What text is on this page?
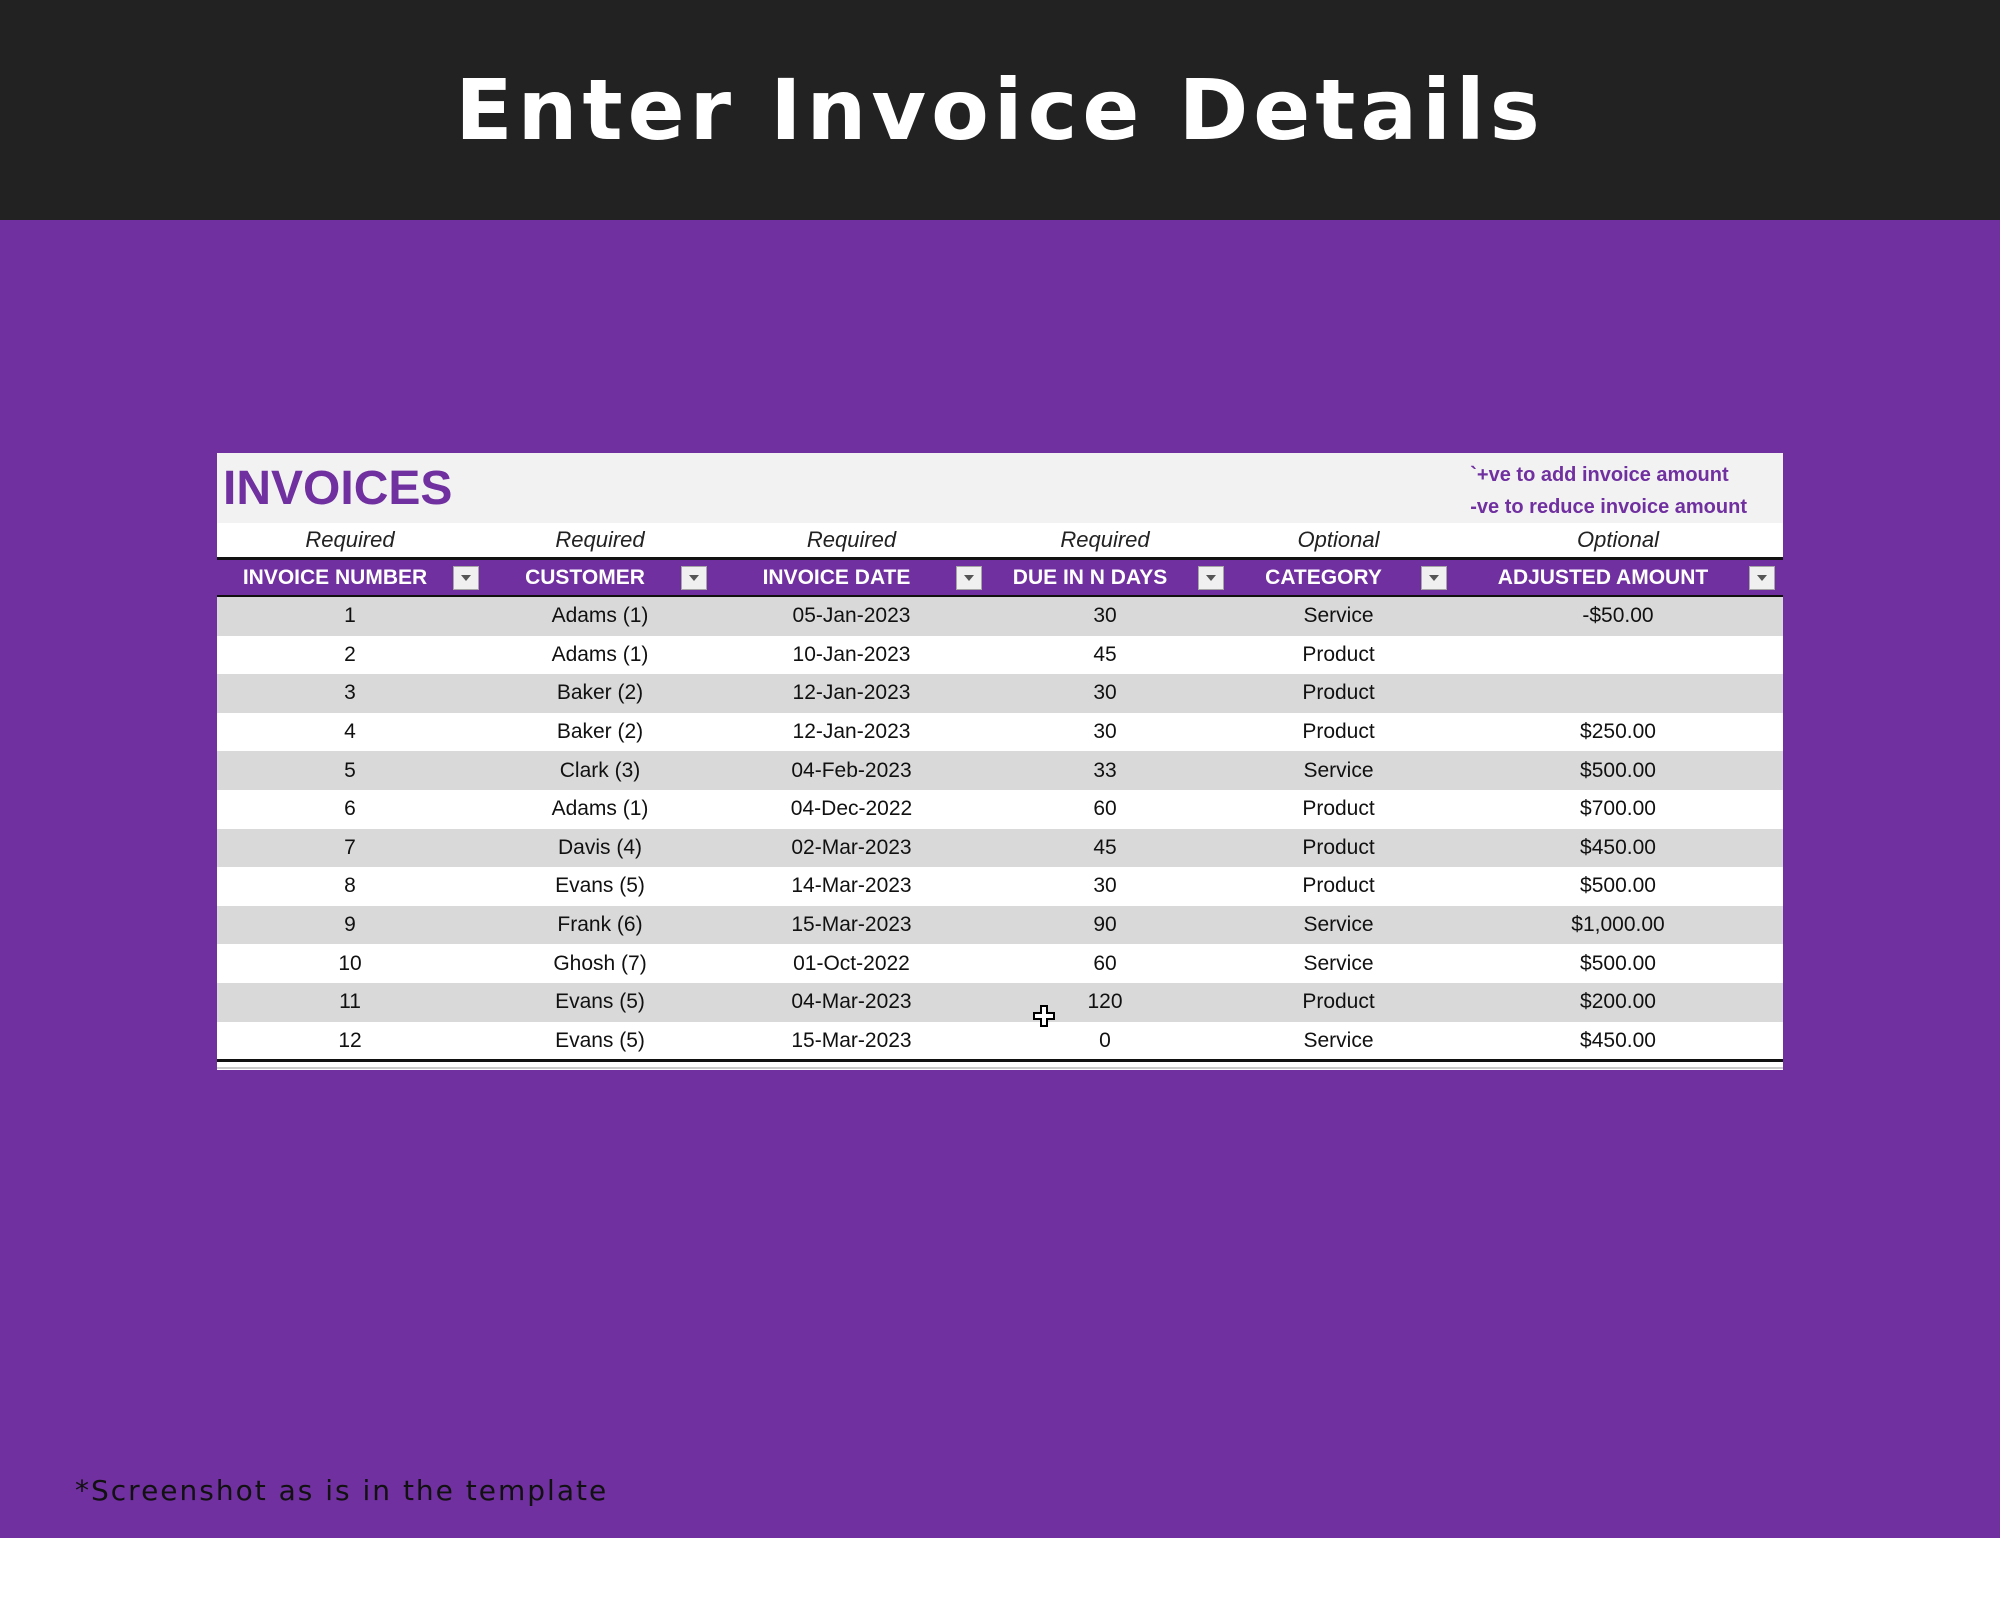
Enter Invoice Details
INVOICES	`+ve to add invoice amount
-ve to reduce invoice amount
Required	Required	Required	Required	Optional	Optional
INVOICE NUMBER	CUSTOMER	INVOICE DATE	DUE IN N DAYS	CATEGORY	ADJUSTED AMOUNT
1	Adams (1)	05-Jan-2023	30	Service	-$50.00
2	Adams (1)	10-Jan-2023	45	Product
3	Baker (2)	12-Jan-2023	30	Product
4	Baker (2)	12-Jan-2023	30	Product	$250.00
5	Clark (3)	04-Feb-2023	33	Service	$500.00
6	Adams (1)	04-Dec-2022	60	Product	$700.00
7	Davis (4)	02-Mar-2023	45	Product	$450.00
8	Evans (5)	14-Mar-2023	30	Product	$500.00
9	Frank (6)	15-Mar-2023	90	Service	$1,000.00
10	Ghosh (7)	01-Oct-2022	60	Service	$500.00
11	Evans (5)	04-Mar-2023	120	Product	$200.00
12	Evans (5)	15-Mar-2023	0	Service	$450.00
*Screenshot as is in the template
